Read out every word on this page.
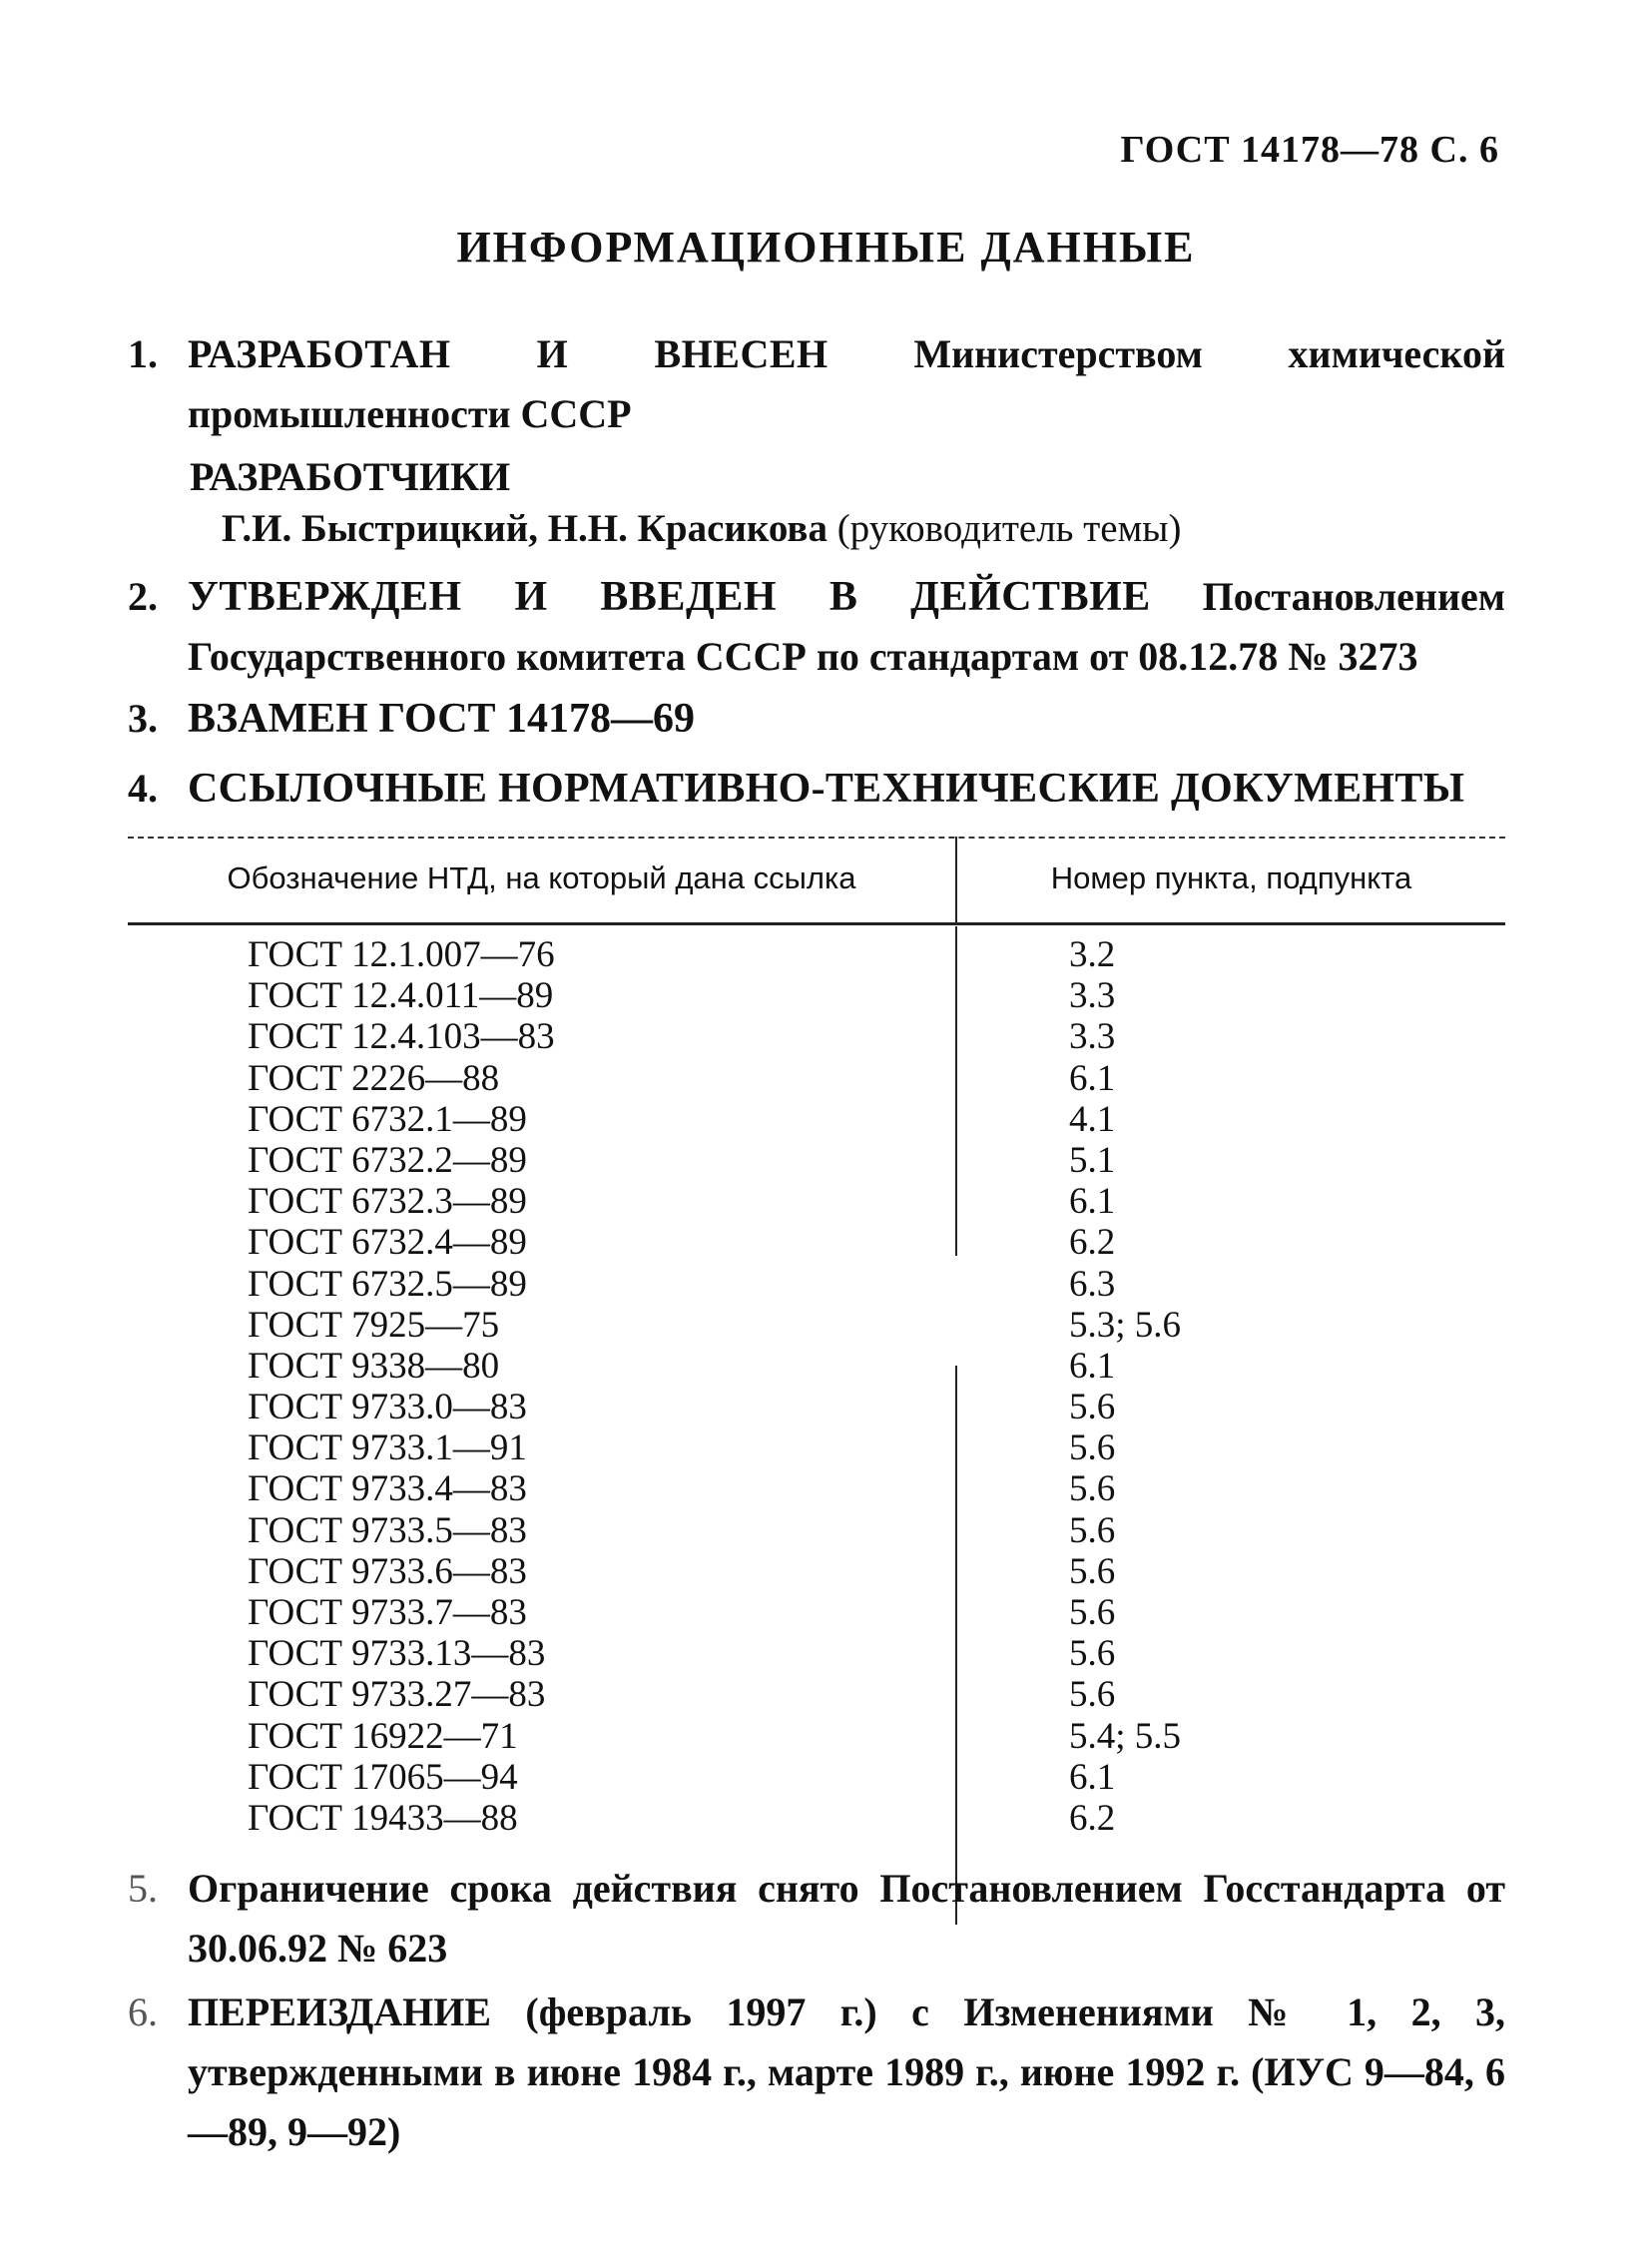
ГОСТ 14178—78 С. 6

ИНФОРМАЦИОННЫЕ ДАННЫЕ
1. РАЗРАБОТАН И ВНЕСЕН Министерством химической промышленности СССР

РАЗРАБОТЧИКИ

Г.И. Быстрицкий, Н.Н. Красикова (руководитель темы)

2. УТВЕРЖДЕН И ВВЕДЕН В ДЕЙСТВИЕ Постановлением Государственного комитета СССР по стандартам от 08.12.78 № 3273
3. ВЗАМЕН ГОСТ 14178—69
4. ССЫЛОЧНЫЕ НОРМАТИВНО-ТЕХНИЧЕСКИЕ ДОКУМЕНТЫ
Обозначение НТД, на который дана ссылка	Номер пункта, подпункта
ГОСТ 12.1.007—76	3.2
ГОСТ 12.4.011—89	3.3
ГОСТ 12.4.103—83	3.3
ГОСТ 2226—88	6.1
ГОСТ 6732.1—89	4.1
ГОСТ 6732.2—89	5.1
ГОСТ 6732.3—89	6.1
ГОСТ 6732.4—89	6.2
ГОСТ 6732.5—89	6.3
ГОСТ 7925—75	5.3; 5.6
ГОСТ 9338—80	6.1
ГОСТ 9733.0—83	5.6
ГОСТ 9733.1—91	5.6
ГОСТ 9733.4—83	5.6
ГОСТ 9733.5—83	5.6
ГОСТ 9733.6—83	5.6
ГОСТ 9733.7—83	5.6
ГОСТ 9733.13—83	5.6
ГОСТ 9733.27—83	5.6
ГОСТ 16922—71	5.4; 5.5
ГОСТ 17065—94	6.1
ГОСТ 19433—88	6.2
5. Ограничение срока действия снято Постановлением Госстандарта от 30.06.92 № 623
6. ПЕРЕИЗДАНИЕ (февраль 1997 г.) с Изменениями № 1, 2, 3, утвержденными в июне 1984 г., марте 1989 г., июне 1992 г. (ИУС 9—84, 6—89, 9—92)
